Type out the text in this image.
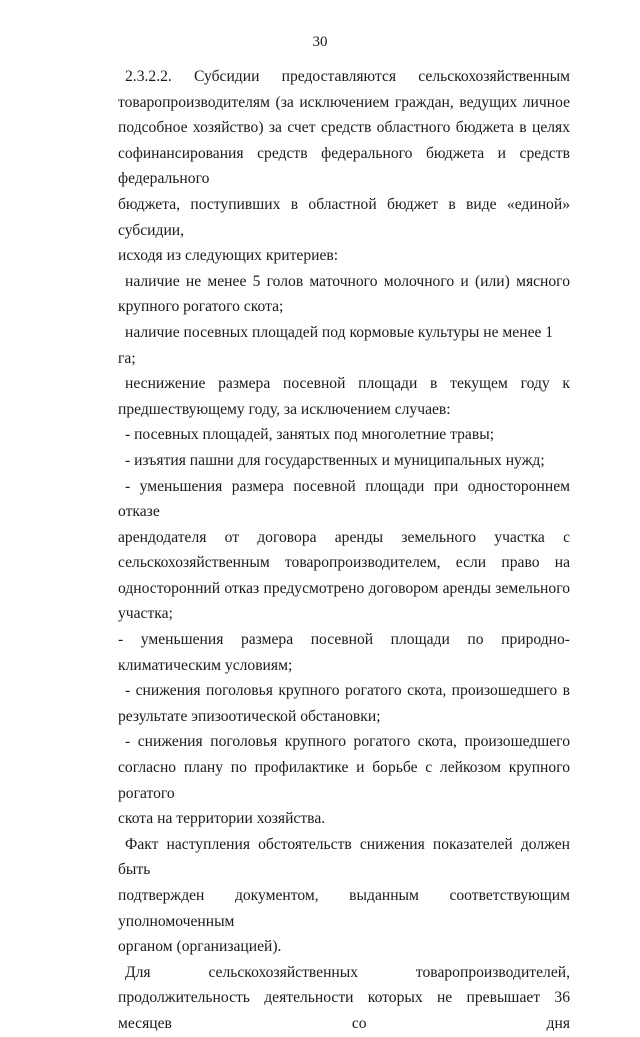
30

2.3.2.2. Субсидии предоставляются сельскохозяйственным

товаропроизводителям (за исключением граждан, ведущих личное

подсобное хозяйство) за счет средств областного бюджета в целях

софинансирования средств федерального бюджета и средств федерального

бюджета, поступивших в областной бюджет в виде «единой» субсидии,

исходя из следующих критериев:

наличие не менее 5 голов маточного молочного и (или) мясного

крупного рогатого скота;

наличие посевных площадей под кормовые культуры не менее 1 га;

неснижение размера посевной площади в текущем году к

предшествующему году, за исключением случаев:

- посевных площадей, занятых под многолетние травы;

- изъятия пашни для государственных и муниципальных нужд;

- уменьшения размера посевной площади при одностороннем отказе

арендодателя от договора аренды земельного участка с

сельскохозяйственным товаропроизводителем, если право на

односторонний отказ предусмотрено договором аренды земельного

участка;

- уменьшения размера посевной площади по природно-

климатическим условиям;

- снижения поголовья крупного рогатого скота, произошедшего в

результате эпизоотической обстановки;

- снижения поголовья крупного рогатого скота, произошедшего

согласно плану по профилактике и борьбе с лейкозом крупного рогатого

скота на территории хозяйства.

Факт наступления обстоятельств снижения показателей должен быть

подтвержден документом, выданным соответствующим уполномоченным

органом (организацией).

Для сельскохозяйственных товаропроизводителей,

продолжительность деятельности которых не превышает 36 месяцев со дня
